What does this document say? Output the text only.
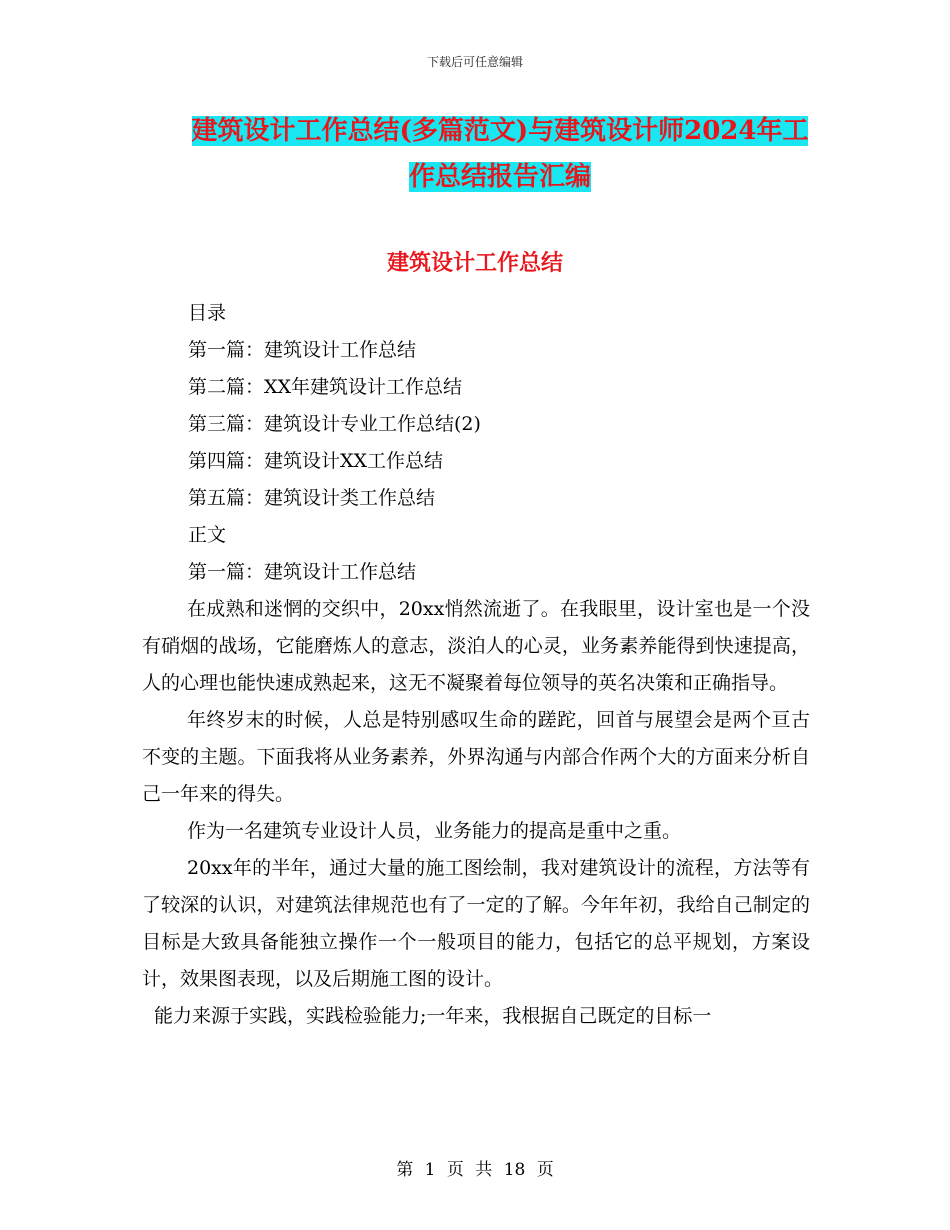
下载后可任意编辑
建筑设计工作总结(多篇范文)与建筑设计师2024年工
作总结报告汇编
建筑设计工作总结
目录
第一篇：建筑设计工作总结
第二篇：XX年建筑设计工作总结
第三篇：建筑设计专业工作总结(2)
第四篇：建筑设计XX工作总结
第五篇：建筑设计类工作总结
正文
第一篇：建筑设计工作总结

在成熟和迷惘的交织中，20xx悄然流逝了。在我眼里，设计室也是一个没有硝烟的战场，它能磨炼人的意志，淡泊人的心灵，业务素养能得到快速提高，人的心理也能快速成熟起来，这无不凝聚着每位领导的英名决策和正确指导。

年终岁末的时候，人总是特别感叹生命的蹉跎，回首与展望会是两个亘古不变的主题。下面我将从业务素养，外界沟通与内部合作两个大的方面来分析自己一年来的得失。

作为一名建筑专业设计人员，业务能力的提高是重中之重。

20xx年的半年，通过大量的施工图绘制，我对建筑设计的流程，方法等有了较深的认识，对建筑法律规范也有了一定的了解。今年年初，我给自己制定的目标是大致具备能独立操作一个一般项目的能力，包括它的总平规划，方案设计，效果图表现，以及后期施工图的设计。

能力来源于实践，实践检验能力;一年来，我根据自己既定的目标一

第 1 页 共 18 页
